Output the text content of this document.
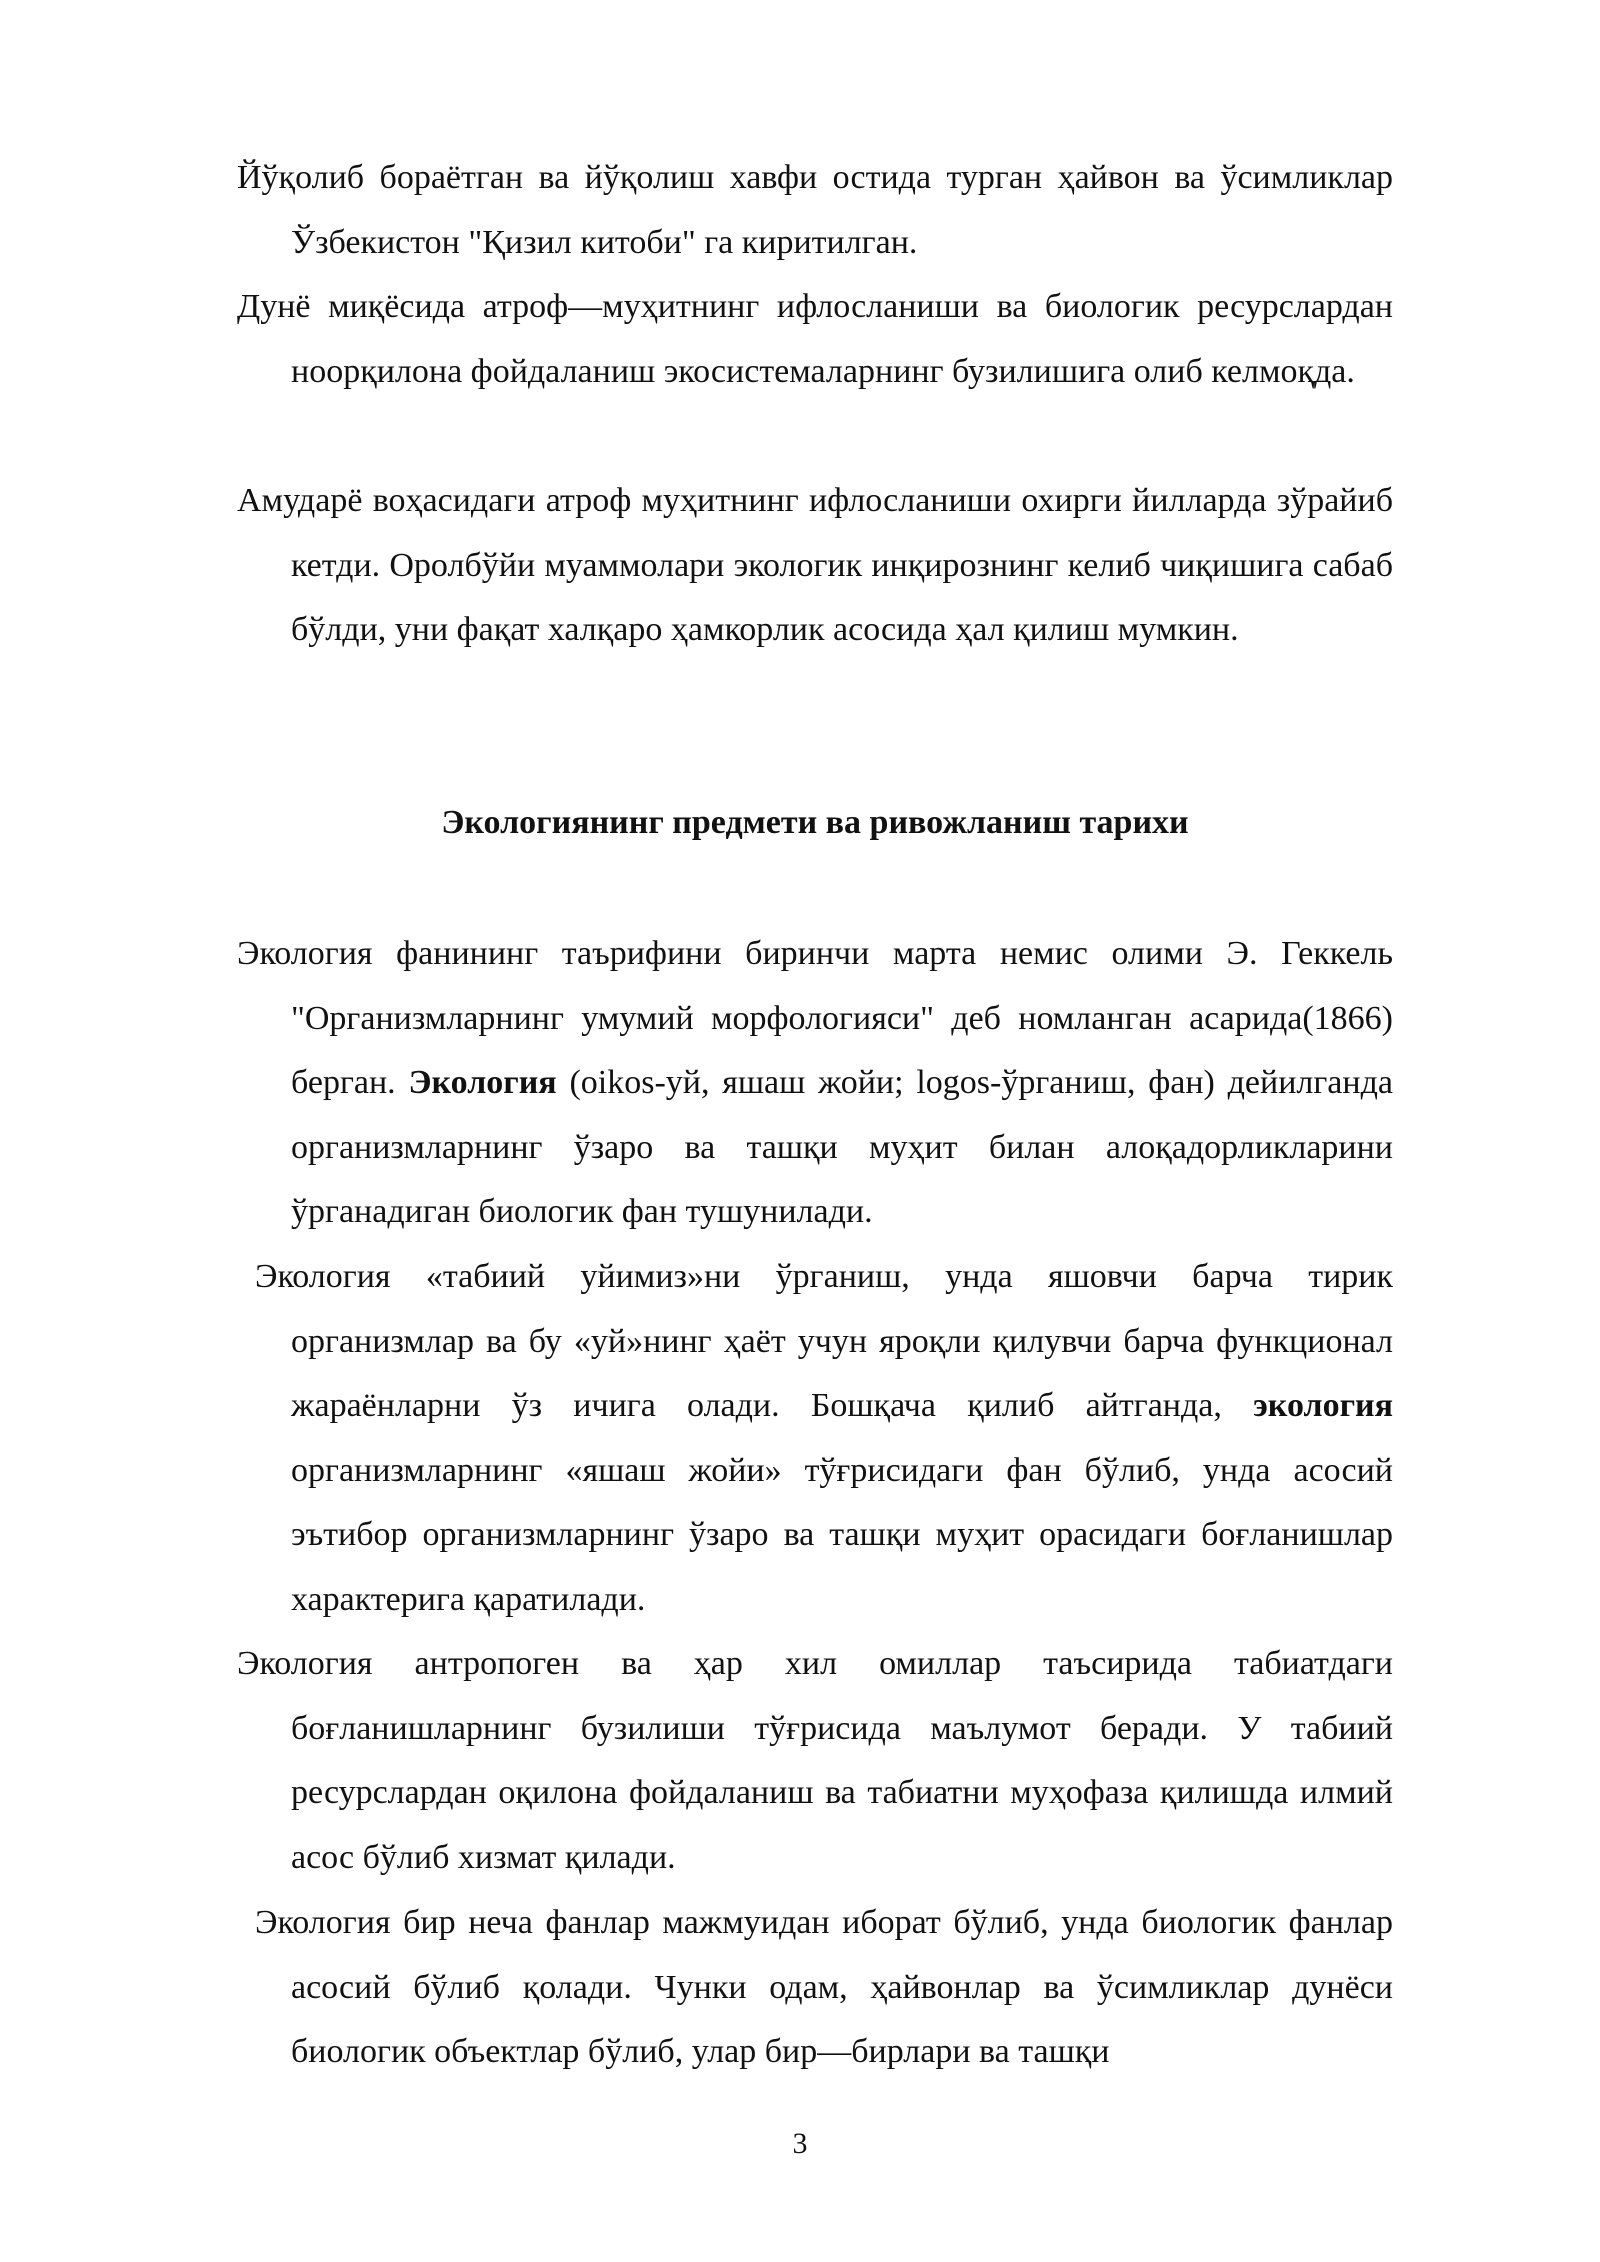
Йўқолиб бораётган ва йўқолиш хавфи остида турган ҳайвон ва ўсимликлар Ўзбекистон "Қизил китоби" га киритилган.

Дунё миқёсида атроф—муҳитнинг ифлосланиши ва биологик ресурслардан ноорқилона фойдаланиш экосистемаларнинг бузилишига олиб келмоқда.

Амударё воҳасидаги атроф муҳитнинг ифлосланиши охирги йилларда зўрайиб кетди. Оролбўйи муаммолари экологик инқирознинг келиб чиқишига сабаб бўлди, уни фақат халқаро ҳамкорлик асосида ҳал қилиш мумкин.

Экологиянинг предмети ва ривожланиш тарихи

Экология фанининг таърифини биринчи марта немис олими Э. Геккель "Организмларнинг умумий морфологияси" деб номланган асарида(1866) берган. Экология (oikos-уй, яшаш жойи; logos-ўрганиш, фан) дейилганда организмларнинг ўзаро ва ташқи муҳит билан алоқадорликларини ўрганадиган биологик фан тушунилади.

Экология «табиий уйимиз»ни ўрганиш, унда яшовчи барча тирик организмлар ва бу «уй»нинг ҳаёт учун яроқли қилувчи барча функционал жараёнларни ўз ичига олади. Бошқача қилиб айтганда, экология организмларнинг «яшаш жойи» тўғрисидаги фан бўлиб, унда асосий эътибор организмларнинг ўзаро ва ташқи муҳит орасидаги боғланишлар характерига қаратилади.

Экология антропоген ва ҳар хил омиллар таъсирида табиатдаги боғланишларнинг бузилиши тўғрисида маълумот беради. У табиий ресурслардан оқилона фойдаланиш ва табиатни муҳофаза қилишда илмий асос бўлиб хизмат қилади.

Экология бир неча фанлар мажмуидан иборат бўлиб, унда биологик фанлар асосий бўлиб қолади. Чунки одам, ҳайвонлар ва ўсимликлар дунёси биологик объектлар бўлиб, улар бир—бирлари ва ташқи

3
